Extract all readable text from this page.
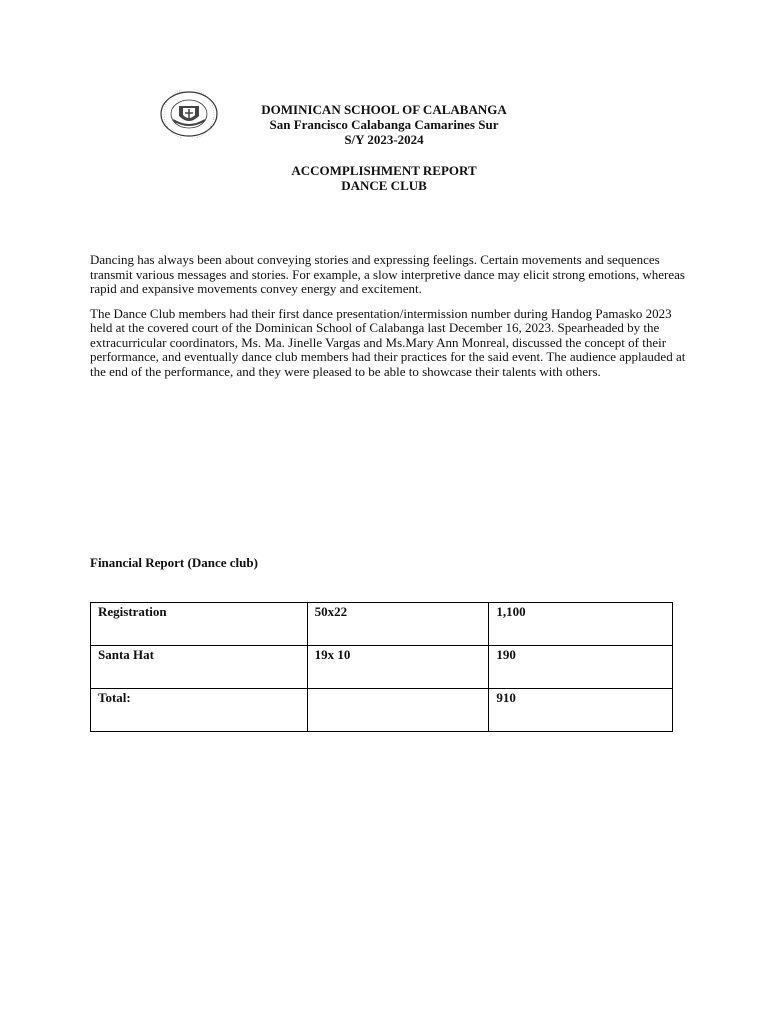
DOMINICAN SCHOOL OF CALABANGA
San Francisco Calabanga Camarines Sur
S/Y 2023-2024
ACCOMPLISHMENT REPORT
DANCE CLUB

Dancing has always been about conveying stories and expressing feelings. Certain movements and sequences transmit various messages and stories. For example, a slow interpretive dance may elicit strong emotions, whereas rapid and expansive movements convey energy and excitement.

The Dance Club members had their first dance presentation/intermission number during Handog Pamasko 2023 held at the covered court of the Dominican School of Calabanga last December 16, 2023. Spearheaded by the extracurricular coordinators, Ms. Ma. Jinelle Vargas and Ms.Mary Ann Monreal, discussed the concept of their performance, and eventually dance club members had their practices for the said event. The audience applauded at the end of the performance, and they were pleased to be able to showcase their talents with others.

Financial Report (Dance club)
Registration	50x22	1,100
Santa Hat	19x 10	190
Total:		910
